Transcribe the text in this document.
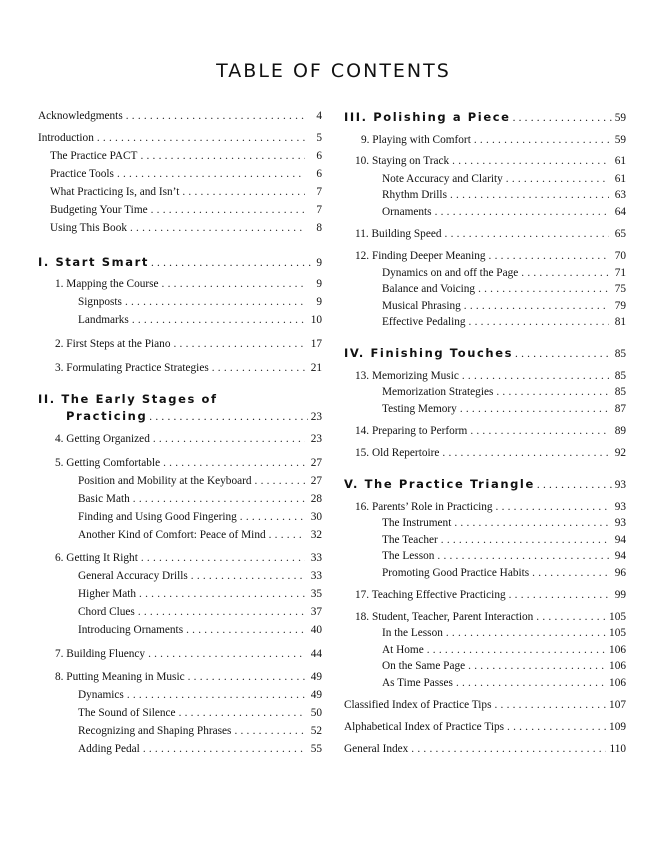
TABLE OF CONTENTS
Acknowledgments . . .	4
Introduction . . .	5
The Practice PACT . . .	6
Practice Tools . . .	6
What Practicing Is, and Isn’t . . .	7
Budgeting Your Time . . .	7
Using This Book . . .	8
I. Start Smart . . .	9
1. Mapping the Course . . .	9
Signposts . . .	9
Landmarks . . .	10
2. First Steps at the Piano . . .	17
3. Formulating Practice Strategies . . .	21
II. The Early Stages of
Practicing . . .	23
4. Getting Organized . . .	23
5. Getting Comfortable . . .	27
Position and Mobility at the Keyboard . . .	27
Basic Math . . .	28
Finding and Using Good Fingering . . .	30
Another Kind of Comfort: Peace of Mind . . .	32
6. Getting It Right . . .	33
General Accuracy Drills . . .	33
Higher Math . . .	35
Chord Clues . . .	37
Introducing Ornaments . . .	40
7. Building Fluency . . .	44
8. Putting Meaning in Music . . .	49
Dynamics . . .	49
The Sound of Silence . . .	50
Recognizing and Shaping Phrases . . .	52
Adding Pedal . . .	55
III. Polishing a Piece . . .	59
9. Playing with Comfort . . .	59
10. Staying on Track . . .	61
Note Accuracy and Clarity . . .	61
Rhythm Drills . . .	63
Ornaments . . .	64
11. Building Speed . . .	65
12. Finding Deeper Meaning . . .	70
Dynamics on and off the Page . . .	71
Balance and Voicing . . .	75
Musical Phrasing . . .	79
Effective Pedaling . . .	81
IV. Finishing Touches . . .	85
13. Memorizing Music . . .	85
Memorization Strategies . . .	85
Testing Memory . . .	87
14. Preparing to Perform . . .	89
15. Old Repertoire . . .	92
V. The Practice Triangle . . .	93
16. Parents’ Role in Practicing . . .	93
The Instrument . . .	93
The Teacher . . .	94
The Lesson . . .	94
Promoting Good Practice Habits . . .	96
17. Teaching Effective Practicing . . .	99
18. Student, Teacher, Parent Interaction . . .	105
In the Lesson . . .	105
At Home . . .	106
On the Same Page . . .	106
As Time Passes . . .	106
Classified Index of Practice Tips . . .	107
Alphabetical Index of Practice Tips . . .	109
General Index . . .	110
